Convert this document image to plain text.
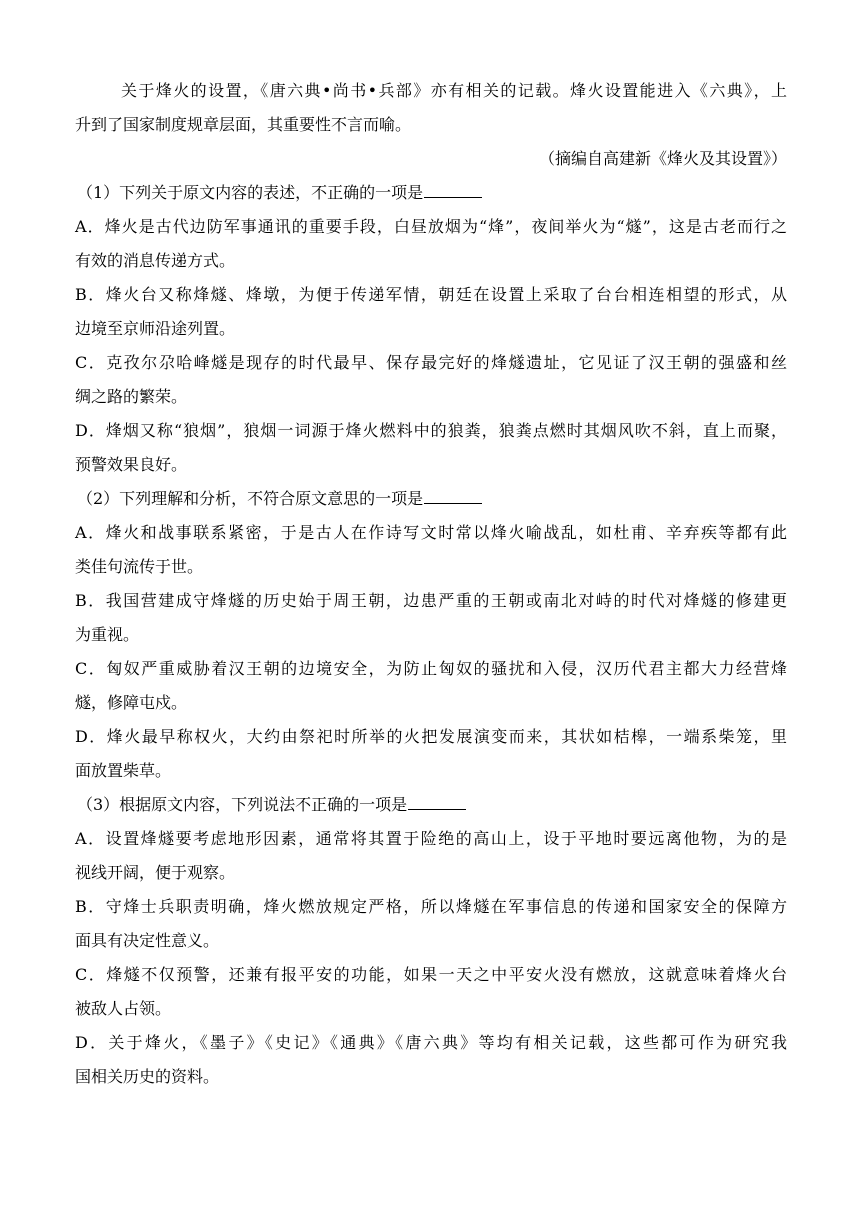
关于烽火的设置，《唐六典•尚书•兵部》亦有相关的记载。烽火设置能进入《六典》，上
升到了国家制度规章层面，其重要性不言而喻。
（摘编自高建新《烽火及其设置》）
（1）下列关于原文内容的表述，不正确的一项是
A．烽火是古代边防军事通讯的重要手段，白昼放烟为“烽”，夜间举火为“燧”，这是古老而行之
有效的消息传递方式。
B．烽火台又称烽燧、烽墩，为便于传递军情，朝廷在设置上采取了台台相连相望的形式，从
边境至京师沿途列置。
C．克孜尔尕哈峰燧是现存的时代最早、保存最完好的烽燧遗址，它见证了汉王朝的强盛和丝
绸之路的繁荣。
D．烽烟又称“狼烟”，狼烟一词源于烽火燃料中的狼粪，狼粪点燃时其烟风吹不斜，直上而聚，
预警效果良好。
（2）下列理解和分析，不符合原文意思的一项是
A．烽火和战事联系紧密，于是古人在作诗写文时常以烽火喻战乱，如杜甫、辛弃疾等都有此
类佳句流传于世。
B．我国营建成守烽燧的历史始于周王朝，边患严重的王朝或南北对峙的时代对烽燧的修建更
为重视。
C．匈奴严重威胁着汉王朝的边境安全，为防止匈奴的骚扰和入侵，汉历代君主都大力经营烽
燧，修障屯戍。
D．烽火最早称权火，大约由祭祀时所举的火把发展演变而来，其状如桔槔，一端系柴笼，里
面放置柴草。
（3）根据原文内容，下列说法不正确的一项是
A．设置烽燧要考虑地形因素，通常将其置于险绝的高山上，设于平地时要远离他物，为的是
视线开阔，便于观察。
B．守烽士兵职责明确，烽火燃放规定严格，所以烽燧在军事信息的传递和国家安全的保障方
面具有决定性意义。
C．烽燧不仅预警，还兼有报平安的功能，如果一天之中平安火没有燃放，这就意味着烽火台
被敌人占领。
D．关于烽火，《墨子》《史记》《通典》《唐六典》等均有相关记载，这些都可作为研究我
国相关历史的资料。
